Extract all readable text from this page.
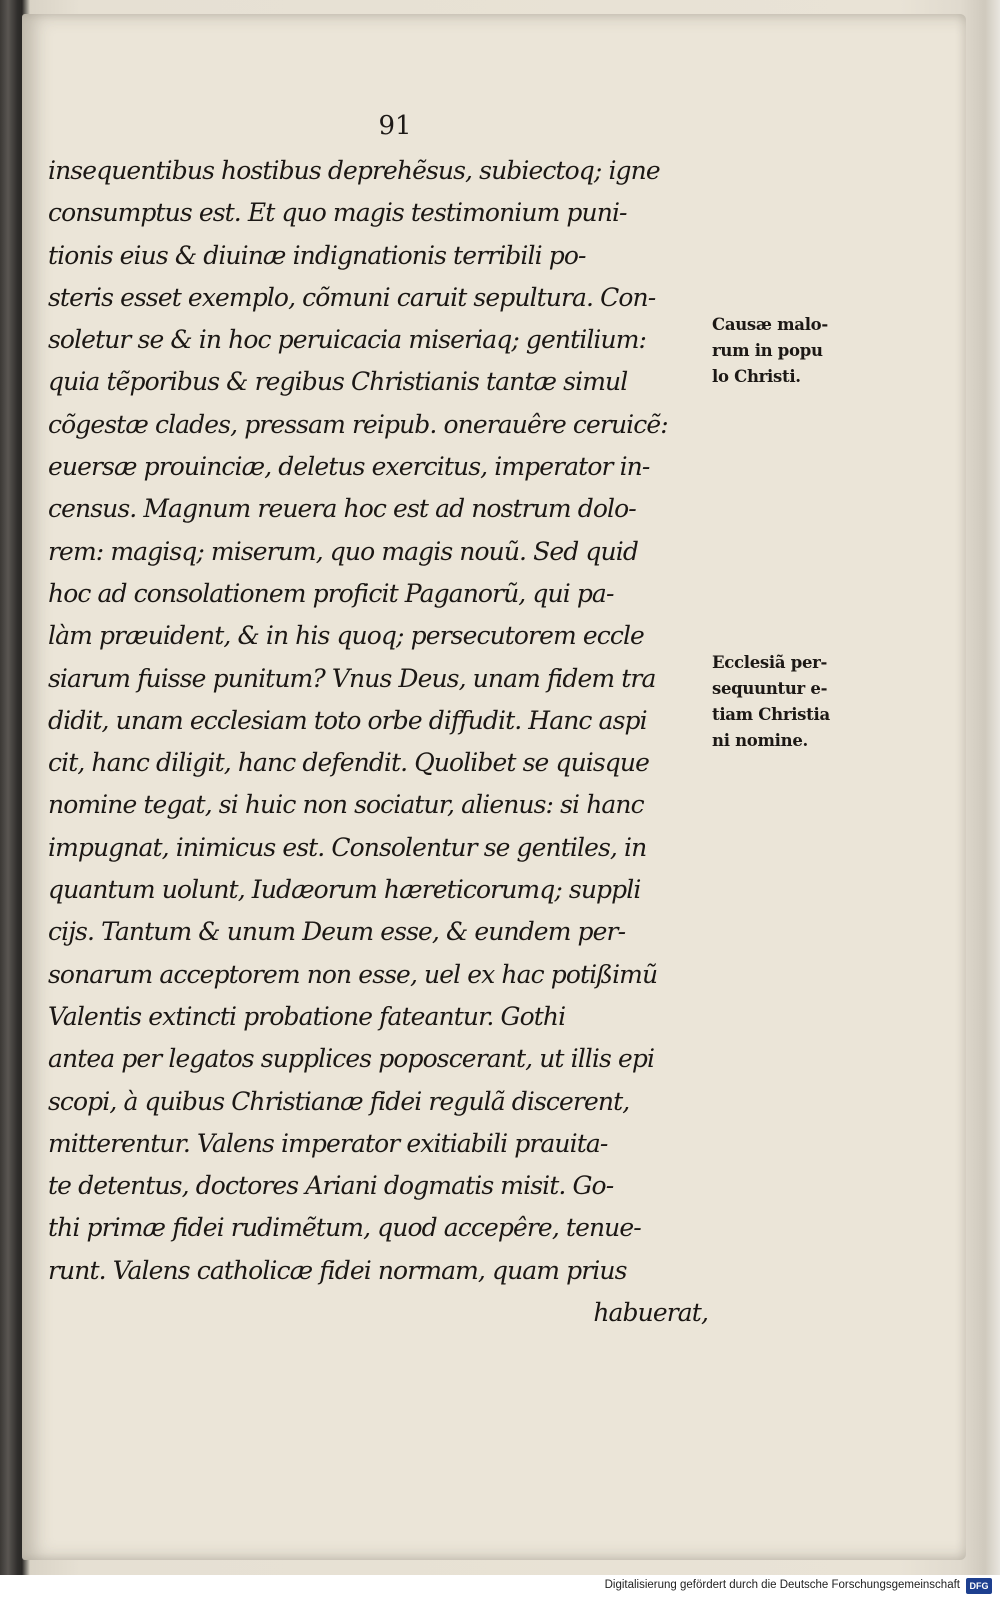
91
insequentibus hostibus deprehẽsus, subiectoq; igne
consumptus est. Et quo magis testimonium puni-
tionis eius & diuinæ indignationis terribili po-
steris esset exemplo, cõmuni caruit sepultura. Con-
soletur se & in hoc peruicacia miseriaq; gentilium:
quia tẽporibus & regibus Christianis tantæ simul
cõgestæ clades, pressam reipub. onerauêre ceruicẽ:
euersæ prouinciæ, deletus exercitus, imperator in-
census. Magnum reuera hoc est ad nostrum dolo-
rem: magisq; miserum, quo magis nouũ. Sed quid
hoc ad consolationem proficit Paganorũ, qui pa-
làm præuident, & in his quoq; persecutorem eccle
siarum fuisse punitum? Vnus Deus, unam fidem tra
didit, unam ecclesiam toto orbe diffudit. Hanc aspi
cit, hanc diligit, hanc defendit. Quolibet se quisque
nomine tegat, si huic non sociatur, alienus: si hanc
impugnat, inimicus est. Consolentur se gentiles, in
quantum uolunt, Iudæorum hæreticorumq; suppli
cijs. Tantum & unum Deum esse, & eundem per-
sonarum acceptorem non esse, uel ex hac potißimũ
Valentis extincti probatione fateantur. Gothi
antea per legatos supplices poposcerant, ut illis epi
scopi, à quibus Christianæ fidei regulã discerent,
mitterentur. Valens imperator exitiabili prauita-
te detentus, doctores Ariani dogmatis misit. Go-
thi primæ fidei rudimẽtum, quod accepêre, tenue-
runt. Valens catholicæ fidei normam, quam prius
habuerat,
Causæ malo-
rum in popu
lo Christi.
Ecclesiã per-
sequuntur e-
tiam Christia
ni nomine.
Digitalisierung gefördert durch die Deutsche Forschungsgemeinschaft	DFG
